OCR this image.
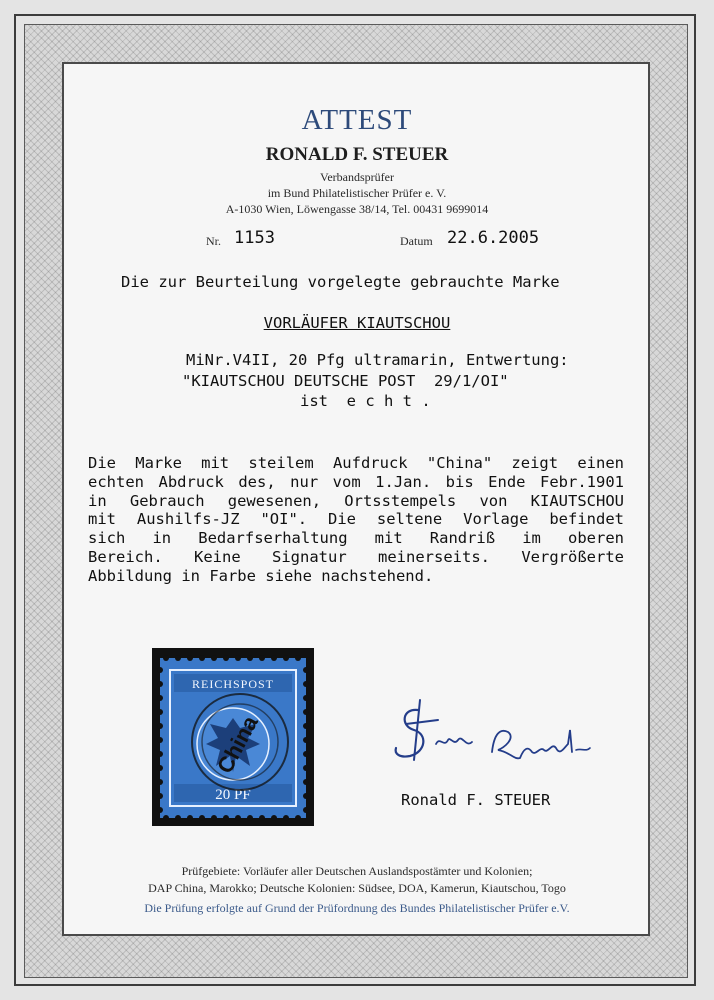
ATTEST
RONALD F. STEUER
Verbandsprüfer
im Bund Philatelistischer Prüfer e. V.
A-1030 Wien, Löwengasse 38/14, Tel. 00431 9699014
Nr. 1153	Datum 22.6.2005
Die zur Beurteilung vorgelegte gebrauchte Marke
VORLÄUFER KIAUTSCHOU
MiNr.V4II, 20 Pfg ultramarin, Entwertung:
"KIAUTSCHOU DEUTSCHE POST  29/1/OI"
ist  e c h t .
Die Marke mit steilem Aufdruck "China" zeigt einen
echten Abdruck des, nur vom 1.Jan. bis Ende Febr.1901
in Gebrauch gewesenen, Ortsstempels von KIAUTSCHOU
mit Aushilfs-JZ "OI". Die seltene Vorlage befindet
sich in Bedarfserhaltung mit Randriß im oberen
Bereich. Keine Signatur meinerseits. Vergrößerte
Abbildung in Farbe siehe nachstehend.
REICHSPOST
20 PF
China
Ronald F. STEUER
Prüfgebiete: Vorläufer aller Deutschen Auslandspostämter und Kolonien;
DAP China, Marokko; Deutsche Kolonien: Südsee, DOA, Kamerun, Kiautschou, Togo
Die Prüfung erfolgte auf Grund der Prüfordnung des Bundes Philatelistischer Prüfer e.V.
